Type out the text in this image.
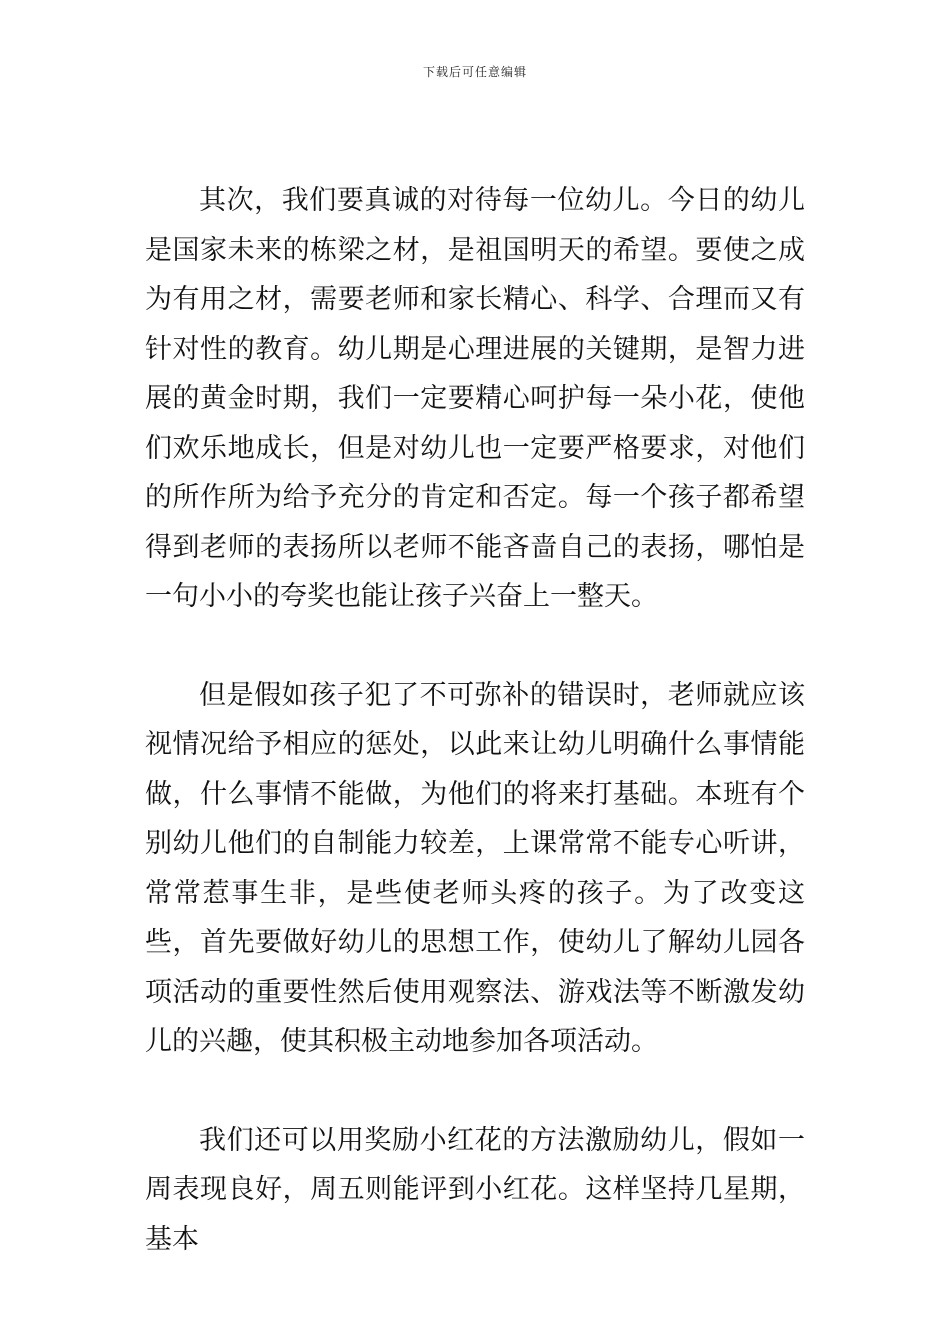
下载后可任意编辑

其次，我们要真诚的对待每一位幼儿。今日的幼儿是国家未来的栋梁之材，是祖国明天的希望。要使之成为有用之材，需要老师和家长精心、科学、合理而又有针对性的教育。幼儿期是心理进展的关键期，是智力进展的黄金时期，我们一定要精心呵护每一朵小花，使他们欢乐地成长，但是对幼儿也一定要严格要求，对他们的所作所为给予充分的肯定和否定。每一个孩子都希望得到老师的表扬所以老师不能吝啬自己的表扬，哪怕是一句小小的夸奖也能让孩子兴奋上一整天。

但是假如孩子犯了不可弥补的错误时，老师就应该视情况给予相应的惩处，以此来让幼儿明确什么事情能做，什么事情不能做，为他们的将来打基础。本班有个别幼儿他们的自制能力较差，上课常常不能专心听讲，常常惹事生非，是些使老师头疼的孩子。为了改变这些，首先要做好幼儿的思想工作，使幼儿了解幼儿园各项活动的重要性然后使用观察法、游戏法等不断激发幼儿的兴趣，使其积极主动地参加各项活动。

我们还可以用奖励小红花的方法激励幼儿，假如一周表现良好，周五则能评到小红花。这样坚持几星期，基本
